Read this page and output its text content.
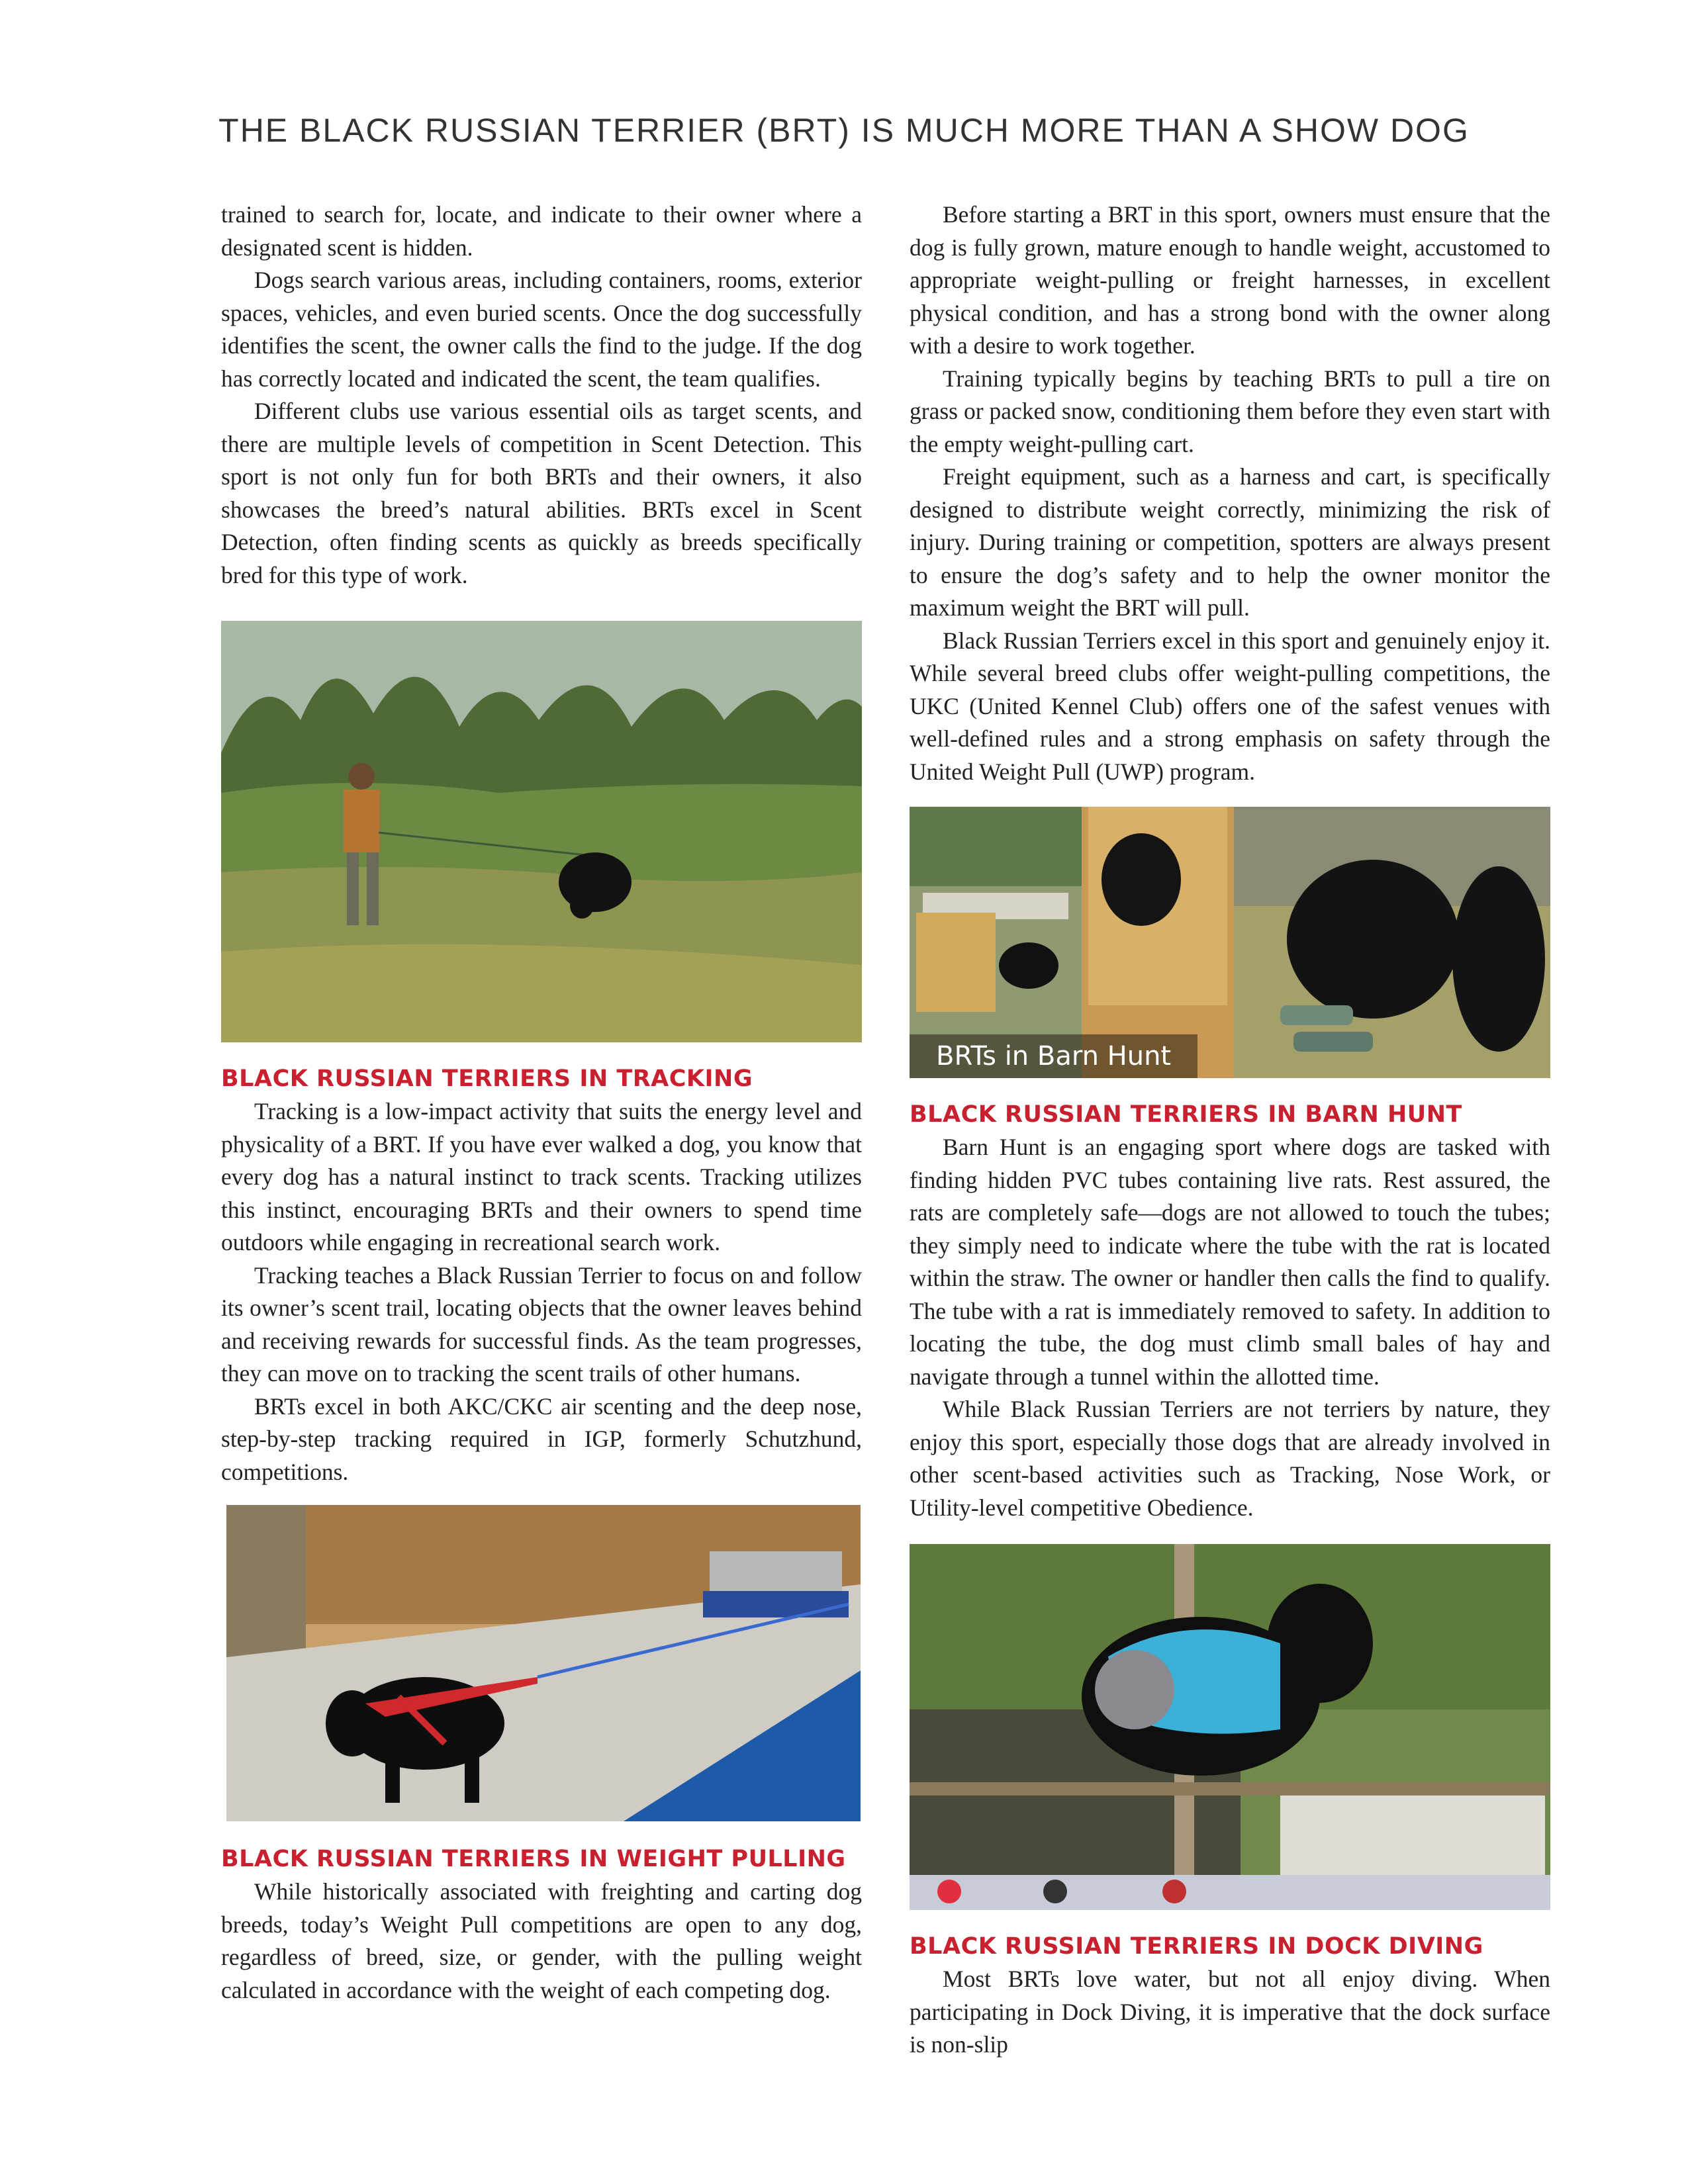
THE BLACK RUSSIAN TERRIER (BRT) IS MUCH MORE THAN A SHOW DOG

trained to search for, locate, and indicate to their owner where a designated scent is hidden.

Dogs search various areas, including containers, rooms, exterior spaces, vehicles, and even buried scents. Once the dog successfully identifies the scent, the owner calls the find to the judge. If the dog has correctly located and indicated the scent, the team qualifies.

Different clubs use various essential oils as target scents, and there are multiple levels of competition in Scent Detection. This sport is not only fun for both BRTs and their owners, it also showcases the breed’s natural abilities. BRTs excel in Scent Detection, often finding scents as quickly as breeds specifically bred for this type of work.

BLACK RUSSIAN TERRIERS IN TRACKING

Tracking is a low-impact activity that suits the energy level and physicality of a BRT. If you have ever walked a dog, you know that every dog has a natural instinct to track scents. Tracking utilizes this instinct, encouraging BRTs and their owners to spend time outdoors while engaging in recreational search work.

Tracking teaches a Black Russian Terrier to focus on and follow its owner’s scent trail, locating objects that the owner leaves behind and receiving rewards for successful finds. As the team progresses, they can move on to tracking the scent trails of other humans.

BRTs excel in both AKC/CKC air scenting and the deep nose, step-by-step tracking required in IGP, formerly Schutzhund, competitions.

BLACK RUSSIAN TERRIERS IN WEIGHT PULLING

While historically associated with freighting and carting dog breeds, today’s Weight Pull competitions are open to any dog, regardless of breed, size, or gender, with the pulling weight calculated in accordance with the weight of each competing dog.

Before starting a BRT in this sport, owners must ensure that the dog is fully grown, mature enough to handle weight, accustomed to appropriate weight-pulling or freight harnesses, in excellent physical condition, and has a strong bond with the owner along with a desire to work together.

Training typically begins by teaching BRTs to pull a tire on grass or packed snow, conditioning them before they even start with the empty weight-pulling cart.

Freight equipment, such as a harness and cart, is specifically designed to distribute weight correctly, minimizing the risk of injury. During training or competition, spotters are always present to ensure the dog’s safety and to help the owner monitor the maximum weight the BRT will pull.

Black Russian Terriers excel in this sport and genuinely enjoy it. While several breed clubs offer weight-pulling competitions, the UKC (United Kennel Club) offers one of the safest venues with well-defined rules and a strong emphasis on safety through the United Weight Pull (UWP) program.

BRTs in Barn Hunt
BLACK RUSSIAN TERRIERS IN BARN HUNT

Barn Hunt is an engaging sport where dogs are tasked with finding hidden PVC tubes containing live rats. Rest assured, the rats are completely safe—dogs are not allowed to touch the tubes; they simply need to indicate where the tube with the rat is located within the straw. The owner or handler then calls the find to qualify. The tube with a rat is immediately removed to safety. In addition to locating the tube, the dog must climb small bales of hay and navigate through a tunnel within the allotted time.

While Black Russian Terriers are not terriers by nature, they enjoy this sport, especially those dogs that are already involved in other scent-based activities such as Tracking, Nose Work, or Utility-level competitive Obedience.

BLACK RUSSIAN TERRIERS IN DOCK DIVING

Most BRTs love water, but not all enjoy diving. When participating in Dock Diving, it is imperative that the dock surface is non-slip
